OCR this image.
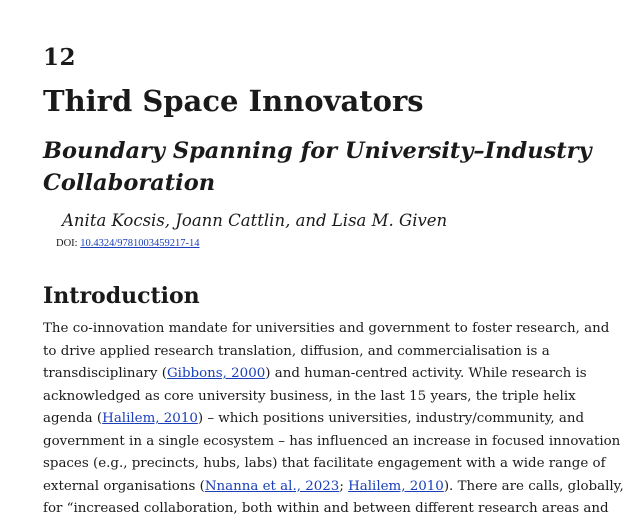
12
Third Space Innovators
Boundary Spanning for University–Industry Collaboration
Anita Kocsis, Joann Cattlin, and Lisa M. Given
DOI: 10.4324/9781003459217-14
Introduction
The co-innovation mandate for universities and government to foster research, and
to drive applied research translation, diffusion, and commercialisation is a
transdisciplinary (Gibbons, 2000) and human-centred activity. While research is
acknowledged as core university business, in the last 15 years, the triple helix
agenda (Halilem, 2010) – which positions universities, industry/community, and
government in a single ecosystem – has influenced an increase in focused innovation
spaces (e.g., precincts, hubs, labs) that facilitate engagement with a wide range of
external organisations (Nnanna et al., 2023; Halilem, 2010). There are calls, globally,
for “increased collaboration, both within and between different research areas and
